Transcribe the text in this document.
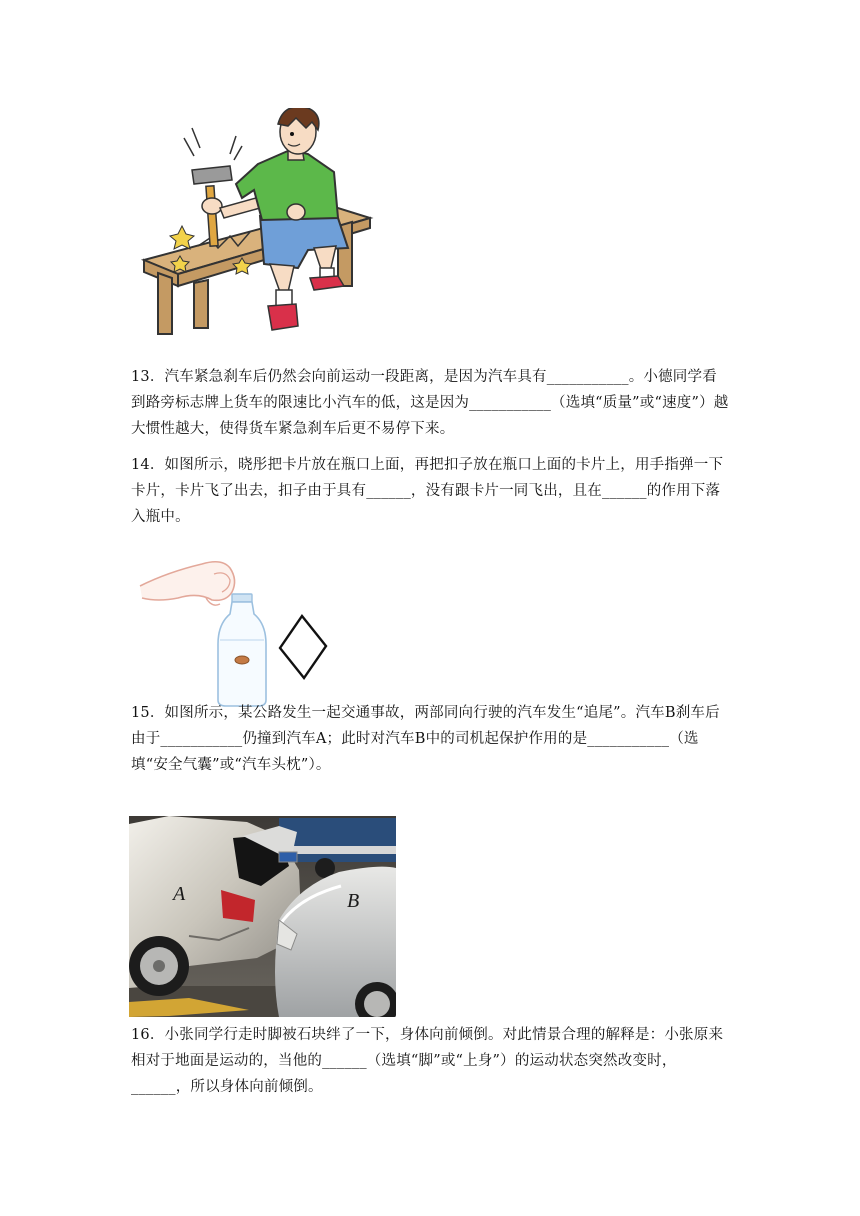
13．汽车紧急刹车后仍然会向前运动一段距离，是因为汽车具有___________。小德同学看到路旁标志牌上货车的限速比小汽车的低，这是因为___________（选填“质量”或“速度”）越大惯性越大，使得货车紧急刹车后更不易停下来。
14．如图所示，晓彤把卡片放在瓶口上面，再把扣子放在瓶口上面的卡片上，用手指弹一下卡片，卡片飞了出去，扣子由于具有______，没有跟卡片一同飞出，且在______的作用下落入瓶中。
15．如图所示，某公路发生一起交通事故，两部同向行驶的汽车发生“追尾”。汽车B刹车后由于___________仍撞到汽车A；此时对汽车B中的司机起保护作用的是___________（选填“安全气囊”或“汽车头枕”）。
A	B
16．小张同学行走时脚被石块绊了一下，身体向前倾倒。对此情景合理的解释是：小张原来相对于地面是运动的，当他的______（选填“脚”或“上身”）的运动状态突然改变时，______，所以身体向前倾倒。
